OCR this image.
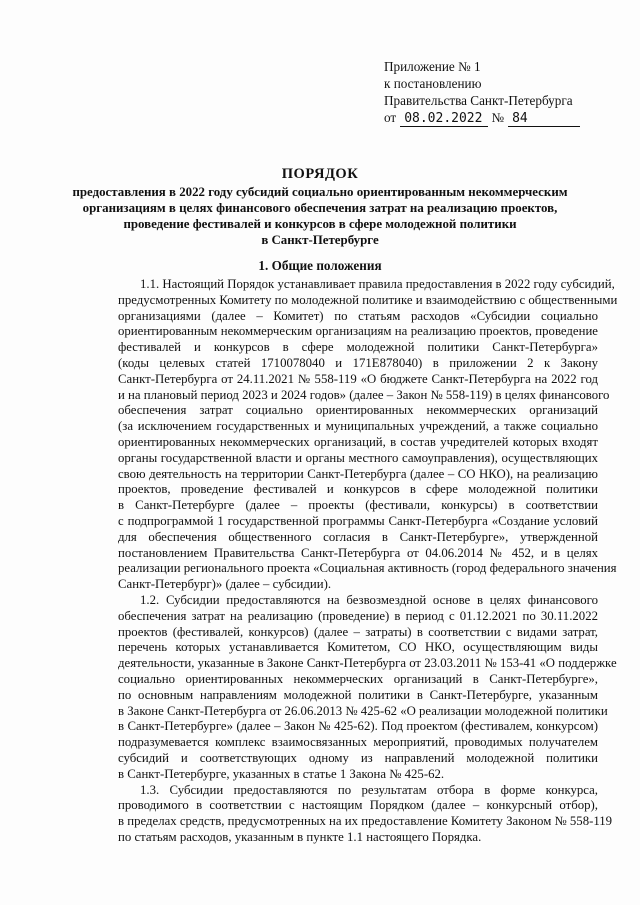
Приложение № 1
к постановлению
Правительства Санкт-Петербурга
от 08.02.2022 № 84
ПОРЯДОК
предоставления в 2022 году субсидий социально ориентированным некоммерческим
организациям в целях финансового обеспечения затрат на реализацию проектов,
проведение фестивалей и конкурсов в сфере молодежной политики
в Санкт-Петербурге
1. Общие положения

1.1. Настоящий Порядок устанавливает правила предоставления в 2022 году субсидий,
предусмотренных Комитету по молодежной политике и взаимодействию с общественными
организациями (далее – Комитет) по статьям расходов «Субсидии социально
ориентированным некоммерческим организациям на реализацию проектов, проведение
фестивалей и конкурсов в сфере молодежной политики Санкт-Петербурга»
(коды целевых статей 1710078040 и 171Е878040) в приложении 2 к Закону
Санкт-Петербурга от 24.11.2021 № 558-119 «О бюджете Санкт-Петербурга на 2022 год
и на плановый период 2023 и 2024 годов» (далее – Закон № 558-119) в целях финансового
обеспечения затрат социально ориентированных некоммерческих организаций
(за исключением государственных и муниципальных учреждений, а также социально
ориентированных некоммерческих организаций, в состав учредителей которых входят
органы государственной власти и органы местного самоуправления), осуществляющих
свою деятельность на территории Санкт-Петербурга (далее – СО НКО), на реализацию
проектов, проведение фестивалей и конкурсов в сфере молодежной политики
в Санкт-Петербурге (далее – проекты (фестивали, конкурсы) в соответствии
с подпрограммой 1 государственной программы Санкт-Петербурга «Создание условий
для обеспечения общественного согласия в Санкт-Петербурге», утвержденной
постановлением Правительства Санкт-Петербурга от 04.06.2014 № 452, и в целях
реализации регионального проекта «Социальная активность (город федерального значения
Санкт-Петербург)» (далее – субсидии).

1.2. Субсидии предоставляются на безвозмездной основе в целях финансового
обеспечения затрат на реализацию (проведение) в период с 01.12.2021 по 30.11.2022
проектов (фестивалей, конкурсов) (далее – затраты) в соответствии с видами затрат,
перечень которых устанавливается Комитетом, СО НКО, осуществляющим виды
деятельности, указанные в Законе Санкт-Петербурга от 23.03.2011 № 153-41 «О поддержке
социально ориентированных некоммерческих организаций в Санкт-Петербурге»,
по основным направлениям молодежной политики в Санкт-Петербурге, указанным
в Законе Санкт-Петербурга от 26.06.2013 № 425-62 «О реализации молодежной политики
в Санкт-Петербурге» (далее – Закон № 425-62). Под проектом (фестивалем, конкурсом)
подразумевается комплекс взаимосвязанных мероприятий, проводимых получателем
субсидий и соответствующих одному из направлений молодежной политики
в Санкт-Петербурге, указанных в статье 1 Закона № 425-62.

1.3. Субсидии предоставляются по результатам отбора в форме конкурса,
проводимого в соответствии с настоящим Порядком (далее – конкурсный отбор),
в пределах средств, предусмотренных на их предоставление Комитету Законом № 558-119
по статьям расходов, указанным в пункте 1.1 настоящего Порядка.
